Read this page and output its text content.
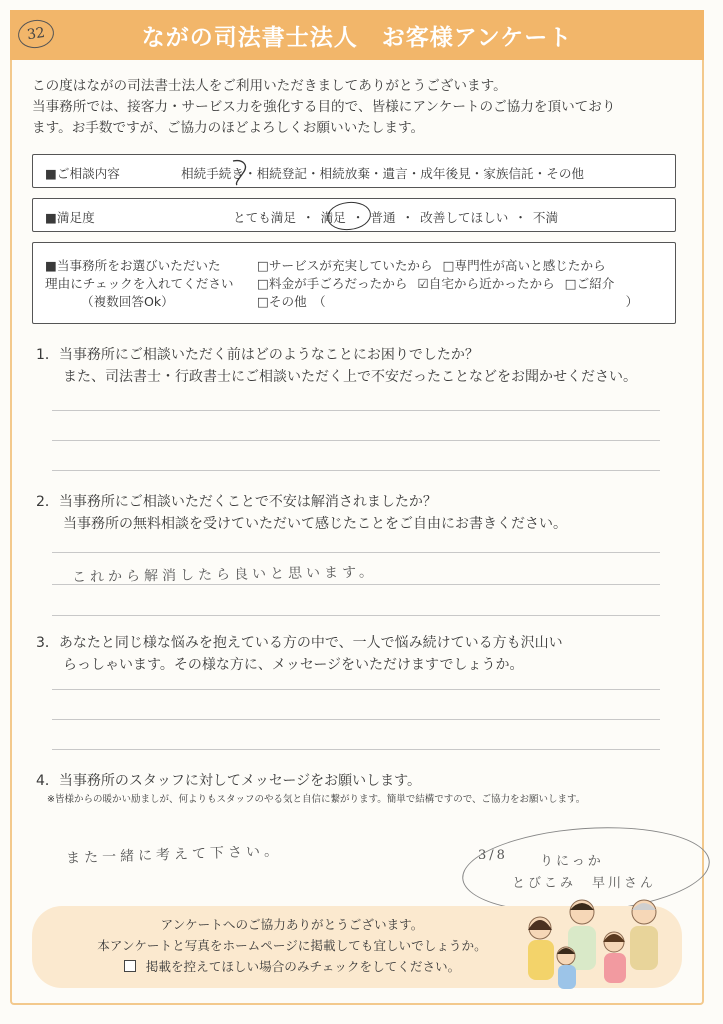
ながの司法書士法人　お客様アンケート
32
この度はながの司法書士法人をご利用いただきましてありがとうございます。
当事務所では、接客力・サービス力を強化する目的で、皆様にアンケートのご協力を頂いており
ます。お手数ですが、ご協力のほどよろしくお願いいたします。
■ご相談内容	相続手続き・相続登記・相続放棄・遺言・成年後見・家族信託・その他
■満足度	とても満足 ・ 満足 ・ 普通 ・ 改善してほしい ・ 不満
■当事務所をお選びいただいた
理由にチェックを入れてください
（複数回答Ok）
□サービスが充実していたから □専門性が高いと感じたから
□料金が手ごろだったから ☑自宅から近かったから □ご紹介
□その他　（	）
1．当事務所にご相談いただく前はどのようなことにお困りでしたか？
また、司法書士・行政書士にご相談いただく上で不安だったことなどをお聞かせください。
2．当事務所にご相談いただくことで不安は解消されましたか？
当事務所の無料相談を受けていただいて感じたことをご自由にお書きください。
これから解消したら良いと思います。
3．あなたと同じ様な悩みを抱えている方の中で、一人で悩み続けている方も沢山い
らっしゃいます。その様な方に、メッセージをいただけますでしょうか。
4．当事務所のスタッフに対してメッセージをお願いします。
※皆様からの暖かい励ましが、何よりもスタッフのやる気と自信に繋がります。簡単で結構ですので、ご協力をお願いします。
また一緒に考えて下さい。	3/8 りにっか
とびこみ　早川さん
アンケートへのご協力ありがとうございます。
本アンケートと写真をホームページに掲載しても宜しいでしょうか。
掲載を控えてほしい場合のみチェックをしてください。
